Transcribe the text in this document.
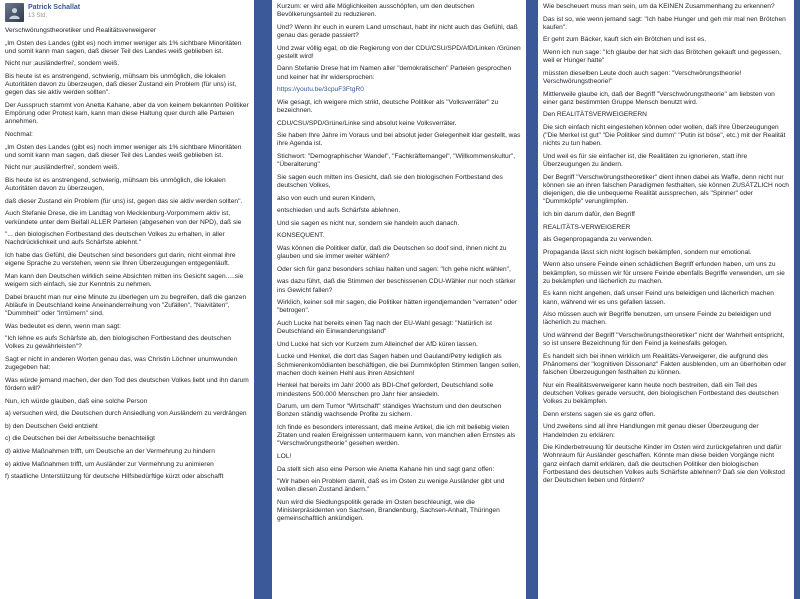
Patrick Schallat
13 Std.
Verschwörungstheoretiker und Realitätsverweigerer
„Im Osten des Landes (gibt es) noch immer weniger als 1% sichtbare Minoritäten und somit kann man sagen, daß dieser Teil des Landes weiß geblieben ist.
Nicht nur ‚ausländerfrei', sondern weiß.
Bis heute ist es anstrengend, schwierig, mühsam bis unmöglich, die lokalen Autoritäten davon zu überzeugen, daß dieser Zustand ein Problem (für uns) ist, gegen das sie aktiv werden sollten".
Der Ausspruch stammt von Anetta Kahane, aber da von keinem bekannten Politiker Empörung oder Protest kam, kann man diese Haltung quer durch alle Parteien annehmen.
Nochmal:
„Im Osten des Landes (gibt es) noch immer weniger als 1% sichtbare Minoritäten und somit kann man sagen, daß dieser Teil des Landes weiß geblieben ist.
Nicht nur ‚ausländerfrei', sondern weiß.
Bis heute ist es anstrengend, schwierig, mühsam bis unmöglich, die lokalen Autoritäten davon zu überzeugen,
daß dieser Zustand ein Problem (für uns) ist, gegen das sie aktiv werden sollten".
Auch Stefanie Drese, die im Landtag von Mecklenburg-Vorpommern aktiv ist, verkündete unter dem Beifall ALLER Parteien (abgesehen von der NPD), daß sie
"... den biologischen Fortbestand des deutschen Volkes zu erhalten, in aller Nachdrücklichkeit und aufs Schärfste ablehnt."
Ich habe das Gefühl, die Deutschen sind besonders gut darin, nicht einmal ihre eigene Sprache zu verstehen, wenn sie Ihren Überzeugungen entgegenläuft.
Man kann den Deutschen wirklich seine Absichten mitten ins Gesicht sagen.....sie weigern sich einfach, sie zur Kenntnis zu nehmen.
Dabei braucht man nur eine Minute zu überlegen um zu begreifen, daß die ganzen Abläufe in Deutschland keine Aneinanderreihung von "Zufällen", "Naivitäten", "Dummheit" oder "Irrtümern" sind.
Was bedeutet es denn, wenn man sagt:
"Ich lehne es aufs Schärfste ab, den biologischen Fortbestand des deutschen Volkes zu gewährleisten"?
Sagt er nicht in anderen Worten genau das, was Christin Löchner unumwunden zugegeben hat:
Was würde jemand machen, der den Tod des deutschen Volkes liebt und ihn darum fördern will?
Nun, ich würde glauben, daß eine solche Person
a) versuchen wird, die Deutschen durch Ansiedlung von Ausländern zu verdrängen
b) den Deutschen Geld entzieht
c) die Deutschen bei der Arbeitssuche benachteiligt
d) aktive Maßnahmen trifft, um Deutsche an der Vermehrung zu hindern
e) aktive Maßnahmen trifft, um Ausländer zur Vermehrung zu animieren
f) staatliche Unterstützung für deutsche Hilfsbedürftige kürzt oder abschafft
Kurzum: er wird alle Möglichkeiten ausschöpfen, um den deutschen Bevölkerungsanteil zu reduzieren.
Und? Wenn ihr euch in eurem Land umschaut, habt ihr nicht auch das Gefühl, daß genau das gerade passiert?
Und zwar völlig egal, ob die Regierung von der CDU/CSU/SPD/AfD/Linken /Grünen gestellt wird!
Dann Stefanie Drese hat im Namen aller "demokratischen" Parteien gesprochen und keiner hat ihr widersprochen:
https://youtu.be/3cpuF3FtgR0
Wie gesagt, ich weigere mich strikt, deutsche Politiker als "Volksverräter" zu bezeichnen.
CDU/CSU/SPD/Grüne/Linke sind absolut keine Volksverräter.
Sie haben Ihre Jahre im Voraus und bei absolut jeder Gelegenheit klar gestellt, was ihre Agenda ist.
Stichwort: "Demographischer Wandel", "Fachkräftemangel", "Willkommenskultur", "Überalterung"
Sie sagen euch mitten ins Gesicht, daß sie den biologischen Fortbestand des deutschen Volkes,
also von euch und euren Kindern,
entschieden und aufs Schärfste ablehnen.
Und sie sagen es nicht nur, sondern sie handeln auch danach.
KONSEQUENT.
Was können die Politiker dafür, daß die Deutschen so doof sind, ihnen nicht zu glauben und sie immer weiter wählen?
Oder sich für ganz besonders schlau halten und sagen: "Ich gehe nicht wählen",
was dazu führt, daß die Stimmen der beschissenen CDU-Wähler nur noch stärker ins Gewicht fallen?
Wirklich, keiner soll mir sagen, die Politiker hätten irgendjemanden "verraten" oder "betrogen".
Auch Lucke hat bereits einen Tag nach der EU-Wahl gesagt: "Natürlich ist Deutschland ein Einwanderungsland"
Und Lucke hat sich vor Kurzem zum Alleinchef der AfD küren lassen.
Lucke und Henkel, die dort das Sagen haben und Gauland/Petry lediglich als Schmierenkomödianten beschäftigen, die bei Dummköpfen Stimmen fangen sollen, machen doch keinen Hehl aus ihren Absichten!
Henkel hat bereits im Jahr 2000 als BDI-Chef gefordert, Deutschland solle mindestens 500.000 Menschen pro Jahr hier ansiedeln.
Darum, um dem Tumor "Wirtschaft" ständiges Wachstum und den deutschen Bonzen ständig wachsende Profite zu sichern.
Ich finde es besonders interessant, daß meine Artikel, die ich mit beliebig vielen Zitaten und realen Ereignissen untermauern kann, von manchen allen Ernstes als "Verschwörungstheorie" gesehen werden.
LOL!
Da stellt sich also eine Person wie Anetta Kahane hin und sagt ganz offen:
"Wir haben ein Problem damit, daß es im Osten zu wenige Ausländer gibt und wollen diesen Zustand ändern."
Nun wird die Siedlungspolitik gerade im Osten beschleunigt, wie die Ministerpräsidenten von Sachsen, Brandenburg, Sachsen-Anhalt, Thüringen gemeinschaftlich ankündigen.
Wie bescheuert muss man sein, um da KEINEN Zusammenhang zu erkennen?
Das ist so, wie wenn jemand sagt: "Ich habe Hunger und geh mir mal nen Brötchen kaufen".
Er geht zum Bäcker, kauft sich ein Brötchen und isst es.
Wenn ich nun sage: "Ich glaube der hat sich das Brötchen gekauft und gegessen, weil er Hunger hatte"
müssten dieselben Leute doch auch sagen: "Verschwörungstheorie! Verschwörungstheorie!"
Mittlerweile glaube ich, daß der Begriff "Verschwörungstheorie" am liebsten von einer ganz bestimmten Gruppe Mensch benutzt wird.
Den REALITÄTSVERWEIGERERN
Die sich einfach nicht eingestehen können oder wollen, daß ihre Überzeugungen ("Die Merkel ist gut" "Die Politiker sind dumm" "Putin ist böse", etc.) mit der Realität nichts zu tun haben.
Und weil es für sie einfacher ist, die Realitäten zu ignorieren, statt ihre Überzeugungen zu ändern.
Der Begriff "Verschwörungstheoretiker" dient ihnen dabei als Waffe, denn nicht nur können sie an ihren falschen Paradigmen festhalten, sie können ZUSÄTZLICH noch diejenigen, die die unbequeme Realität aussprechen, als "Spinner" oder "Dummköpfe" verunglimpfen.
Ich bin darum dafür, den Begriff
REALITÄTS-VERWEIGERER
als Gegenpropaganda zu verwenden.
Propaganda lässt sich nicht logisch bekämpfen, sondern nur emotional.
Wenn also unsere Feinde einen schädlichen Begriff erfunden haben, um uns zu bekämpfen, so müssen wir für unsere Feinde ebenfalls Begriffe verwenden, um sie zu bekämpfen und lächerlich zu machen.
Es kann nicht angehen, daß unser Feind uns beleidigen und lächerlich machen kann, während wir es uns gefallen lassen.
Also müssen auch wir Begriffe benutzen, um unsere Feinde zu beleidigen und lächerlich zu machen.
Und während der Begriff "Verschwörungstheoretiker" nicht der Wahrheit entspricht, so ist unsere Bezeichnung für den Feind ja keinesfalls gelogen.
Es handelt sich bei ihnen wirklich um Realitäts-Verweigerer, die aufgrund des Phänomens der "kognitiven Dissonanz" Fakten ausblenden, um an überholten oder falschen Überzeugungen festhalten zu können.
Nur ein Realitätsverweigerer kann heute noch bestreiten, daß ein Teil des deutschen Volkes gerade versucht, den biologischen Fortbestand des deutschen Volkes zu bekämpfen.
Denn erstens sagen sie es ganz offen.
Und zweitens sind all ihre Handlungen mit genau dieser Überzeugung der Handelnden zu erklären:
Die Kinderbetreuung für deutsche Kinder im Osten wird zurückgefahren und dafür Wohnraum für Ausländer geschaffen. Könnte man diese beiden Vorgänge nicht ganz einfach damit erklären, daß die deutschen Politiker den biologischen Fortbestand des deutschen Volkes aufs Schärfste ablehnen? Daß sie den Volkstod der Deutschen lieben und fördern?
